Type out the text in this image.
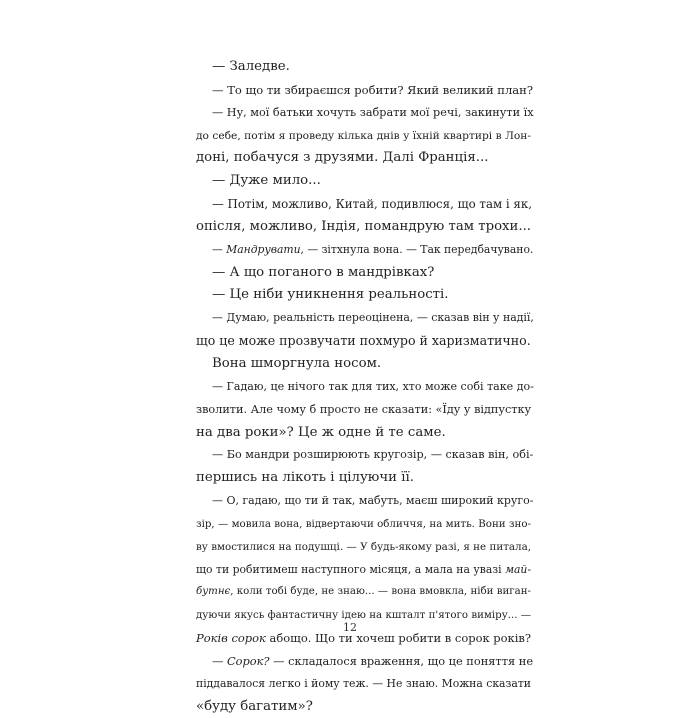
— Заледве.
— То що ти збираєшся робити? Який великий план?
— Ну, мої батьки хочуть забрати мої речі, закинути їх
до себе, потім я проведу кілька днів у їхній квартирі в Лон-
доні, побачуся з друзями. Далі Франція...
— Дуже мило...
— Потім, можливо, Китай, подивлюся, що там і як,
опісля, можливо, Індія, помандрую там трохи...
— Мандрувати, — зітхнула вона. — Так передбачувано.
— А що поганого в мандрівках?
— Це ніби уникнення реальності.
— Думаю, реальність переоцінена, — сказав він у надії,
що це може прозвучати похмуро й харизматично.
Вона шморгнула носом.
— Гадаю, це нічого так для тих, хто може собі таке до-
зволити. Але чому б просто не сказати: «Їду у відпустку
на два роки»? Це ж одне й те саме.
— Бо мандри розширюють кругозір, — сказав він, обі-
першись на лікоть і цілуючи її.
— О, гадаю, що ти й так, мабуть, маєш широкий круго-
зір, — мовила вона, відвертаючи обличчя, на мить. Вони зно-
ву вмостилися на подушці. — У будь-якому разі, я не питала,
що ти робитимеш наступного місяця, а мала на увазі май-
бутнє, коли тобі буде, не знаю... — вона вмовкла, ніби виган-
дуючи якусь фантастичну ідею на кшталт п'ятого виміру... —
Років сорок абощо. Що ти хочеш робити в сорок років?
— Сорок? — складалося враження, що це поняття не
піддавалося легко і йому теж. — Не знаю. Можна сказати
«буду багатим»?
12
